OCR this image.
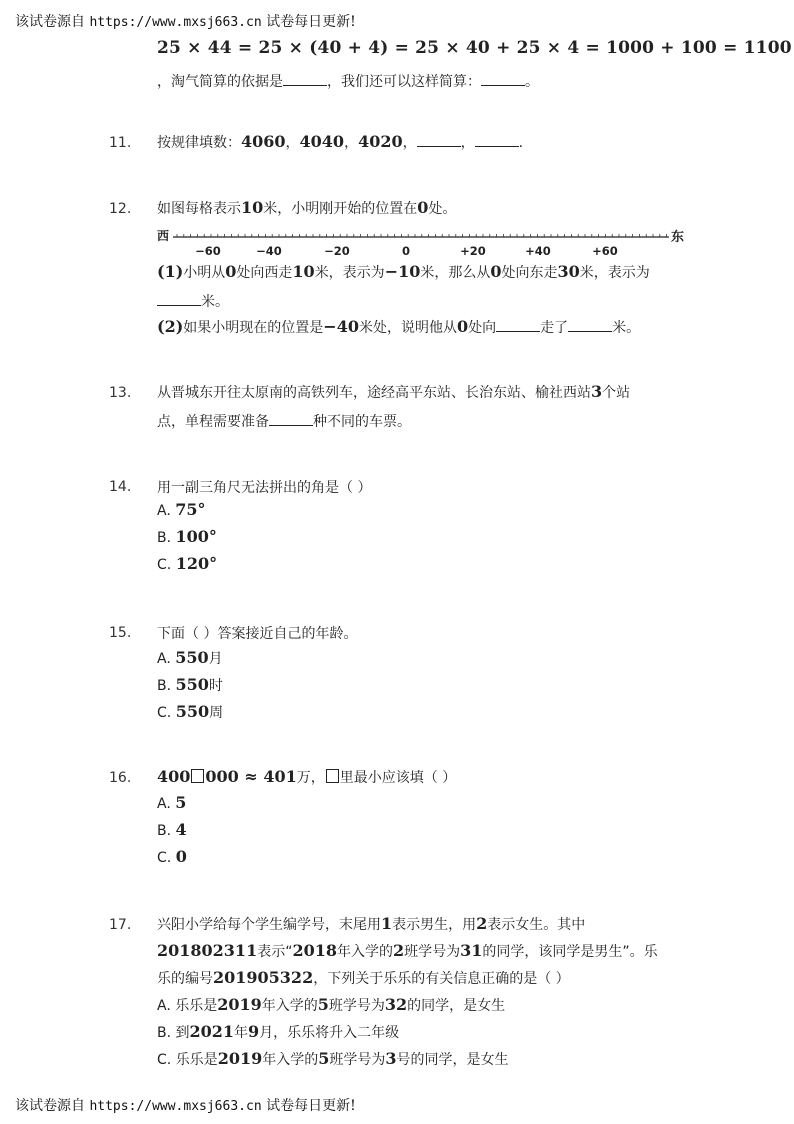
该试卷源自 https://www.mxsj663.cn 试卷每日更新!
25 × 44 = 25 × (40 + 4) = 25 × 40 + 25 × 4 = 1000 + 100 = 1100
，淘气简算的依据是	，我们还可以这样简算：	。
11. 按规律填数：4060，4040，4020，	，	.
12. 如图每格表示10米，小明刚开始的位置在0处。
西	东
−60	−40	−20	0	+20	+40	+60
(1)小明从0处向西走10米，表示为−10米，那么从0处向东走30米，表示为
米。
(2)如果小明现在的位置是−40米处，说明他从0处向	走了	米。
13. 从晋城东开往太原南的高铁列车，途经高平东站、长治东站、榆社西站3个站
点，单程需要准备	种不同的车票。
14. 用一副三角尺无法拼出的角是（ ）
A. 75°
B. 100°
C. 120°
15. 下面（ ）答案接近自己的年龄。
A. 550月
B. 550时
C. 550周
16. 400 000 ≈ 401万， 里最小应该填（ ）
A. 5
B. 4
C. 0
17. 兴阳小学给每个学生编学号，末尾用1表示男生，用2表示女生。其中
201802311表示“2018年入学的2班学号为31的同学，该同学是男生”。乐
乐的编号201905322，下列关于乐乐的有关信息正确的是（ ）
A. 乐乐是2019年入学的5班学号为32的同学，是女生
B. 到2021年9月，乐乐将升入二年级
C. 乐乐是2019年入学的5班学号为3号的同学，是女生
该试卷源自 https://www.mxsj663.cn 试卷每日更新!
